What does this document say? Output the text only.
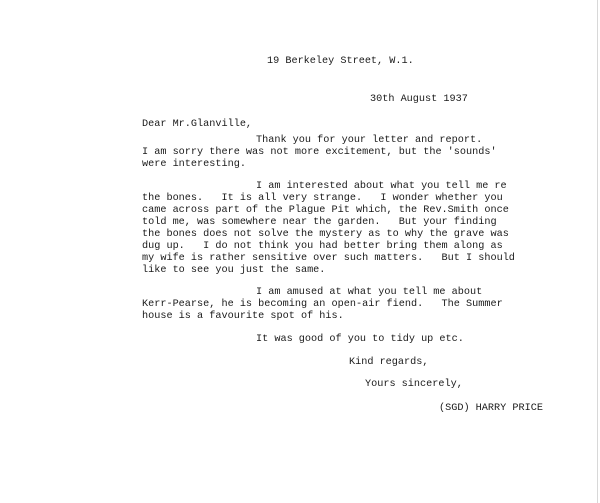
19 Berkeley Street, W.1.
30th August 1937
Dear Mr.Glanville,
Thank you for your letter and report.
I am sorry there was not more excitement, but the 'sounds'
were interesting.
I am interested about what you tell me re
the bones.   It is all very strange.   I wonder whether you
came across part of the Plague Pit which, the Rev.Smith once
told me, was somewhere near the garden.   But your finding
the bones does not solve the mystery as to why the grave was
dug up.   I do not think you had better bring them along as
my wife is rather sensitive over such matters.   But I should
like to see you just the same.
I am amused at what you tell me about
Kerr-Pearse, he is becoming an open-air fiend.   The Summer
house is a favourite spot of his.
It was good of you to tidy up etc.
Kind regards,
Yours sincerely,
(SGD) HARRY PRICE
